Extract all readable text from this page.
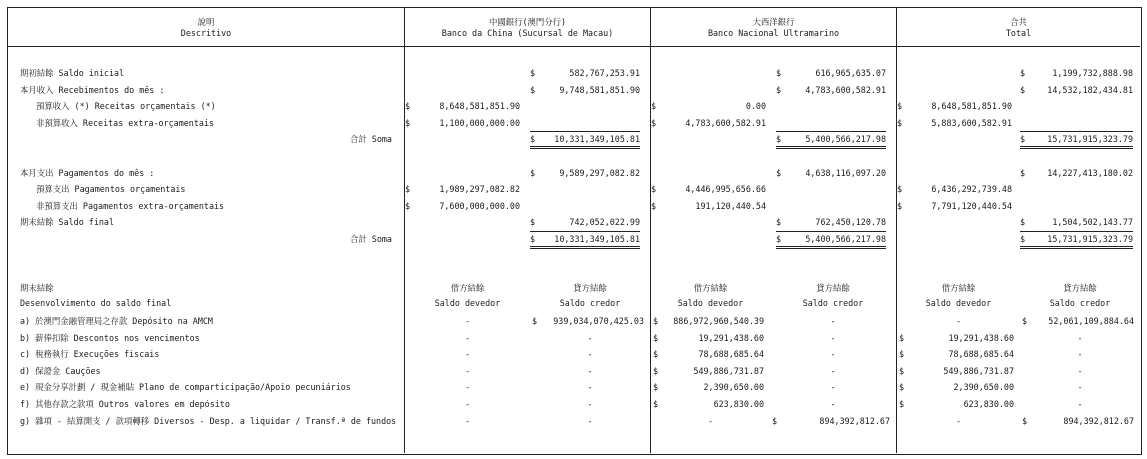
說明
Descritivo
中國銀行(澳門分行)
Banco da China (Sucursal de Macau)
大西洋銀行
Banco Nacional Ultramarino
合共
Total
期初結餘 Saldo inicial	$	582,767,253.91	$	616,965,635.07	$	1,199,732,888.98
本月收入 Recebimentos do mês :	$	9,748,581,851.90	$	4,783,600,582.91	$	14,532,182,434.81
預算收入 (*) Receitas orçamentais (*)	$	8,648,581,851.90	$	0.00	$	8,648,581,851.90
非預算收入 Receitas extra-orçamentais	$	1,100,000,000.00	$	4,783,600,582.91	$	5,883,600,582.91
合計 Soma	$	10,331,349,105.81	$	5,400,566,217.98	$	15,731,915,323.79
本月支出 Pagamentos do mês :	$	9,589,297,082.82	$	4,638,116,097.20	$	14,227,413,180.02
預算支出 Pagamentos orçamentais	$	1,989,297,082.82	$	4,446,995,656.66	$	6,436,292,739.48
非預算支出 Pagamentos extra-orçamentais	$	7,600,000,000.00	$	191,120,440.54	$	7,791,120,440.54
期末結餘 Saldo final	$	742,052,022.99	$	762,450,120.78	$	1,504,502,143.77
合計 Soma	$	10,331,349,105.81	$	5,400,566,217.98	$	15,731,915,323.79
期末結餘
Desenvolvimento do saldo final
借方結餘
Saldo devedor
貸方結餘
Saldo credor
借方結餘
Saldo devedor
貸方結餘
Saldo credor
借方結餘
Saldo devedor
貸方結餘
Saldo credor
a) 於澳門金融管理局之存款 Depósito na AMCM	-	$	939,034,070,425.03 $	886,972,960,540.39	-	-	$	52,061,109,884.64
b) 薪俸扣除 Descontos nos vencimentos	-	-	$	19,291,438.60	-	$	19,291,438.60	-
c) 稅務執行 Execuções fiscais	-	-	$	78,688,685.64	-	$	78,688,685.64	-
d) 保證金 Cauções	-	-	$	549,886,731.87	-	$	549,886,731.87	-
e) 現金分享計劃 / 現金補貼 Plano de comparticipação/Apoio pecuniários	-	-	$	2,390,650.00	-	$	2,390,650.00	-
f) 其他存款之款項 Outros valores em depósito	-	-	$	623,830.00	-	$	623,830.00	-
g) 雜項 - 結算開支 / 款項轉移 Diversos - Desp. a liquidar / Transf.ª de fundos	-	-	-	$	894,392,812.67	-	$	894,392,812.67
